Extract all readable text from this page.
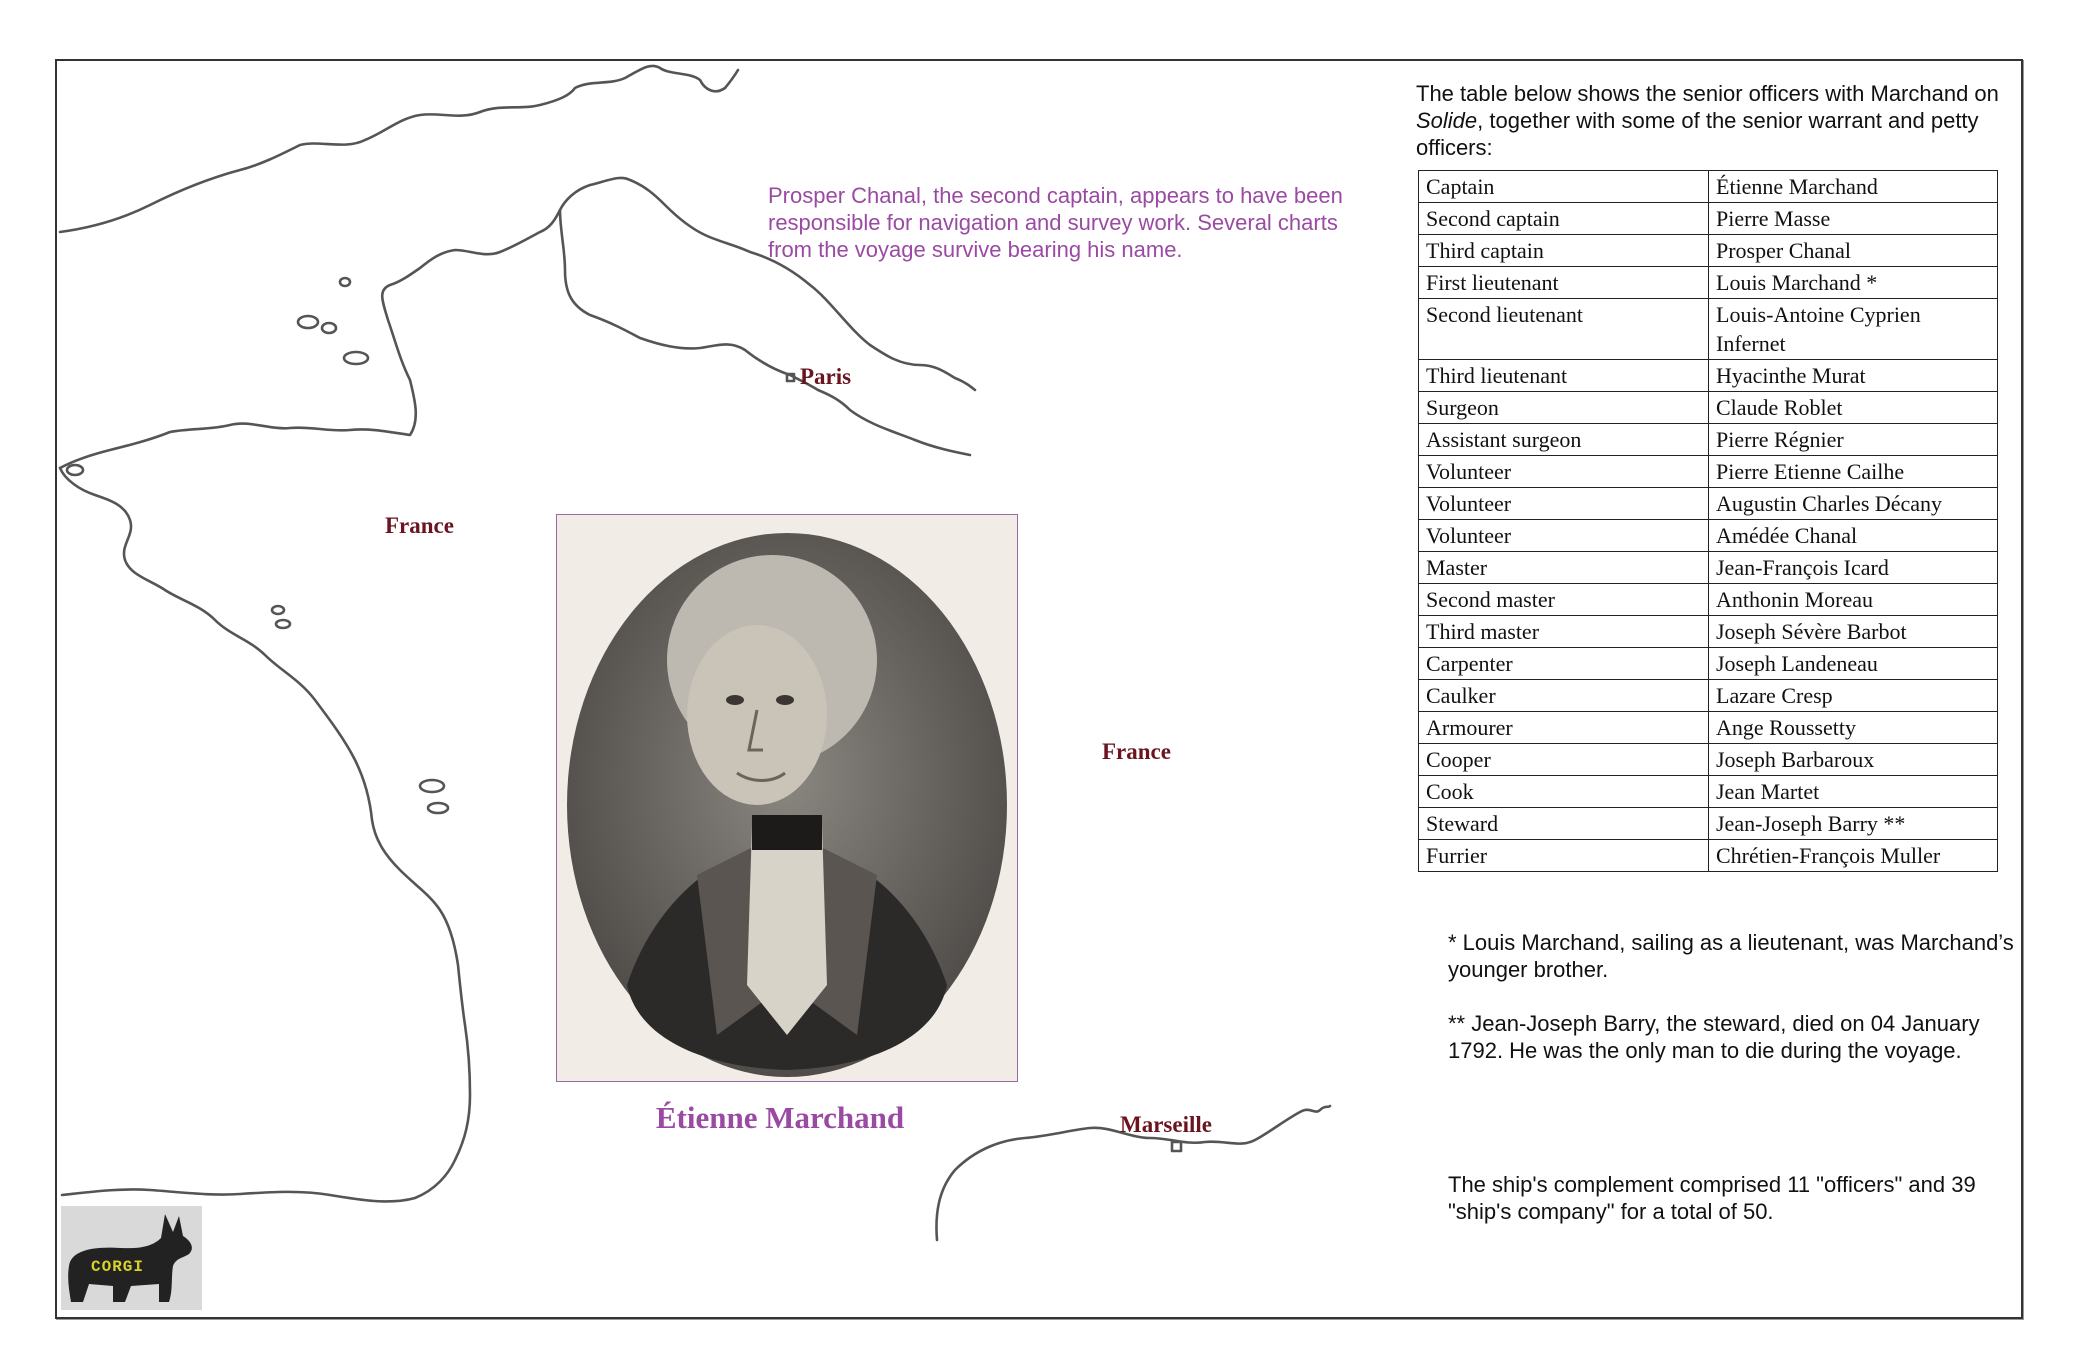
Paris
France
France
Marseille
Prosper Chanal, the second captain, appears to have been responsible for navigation and survey work. Several charts from the voyage survive bearing his name.
Étienne Marchand
The table below shows the senior officers with Marchand on Solide, together with some of the senior warrant and petty officers:
Captain	Étienne Marchand
Second captain	Pierre Masse
Third captain	Prosper Chanal
First lieutenant	Louis Marchand *
Second lieutenant	Louis-Antoine Cyprien Infernet
Third lieutenant	Hyacinthe Murat
Surgeon	Claude Roblet
Assistant surgeon	Pierre Régnier
Volunteer	Pierre Etienne Cailhe
Volunteer	Augustin Charles Décany
Volunteer	Amédée Chanal
Master	Jean-François Icard
Second master	Anthonin Moreau
Third master	Joseph Sévère Barbot
Carpenter	Joseph Landeneau
Caulker	Lazare Cresp
Armourer	Ange Roussetty
Cooper	Joseph Barbaroux
Cook	Jean Martet
Steward	Jean-Joseph Barry **
Furrier	Chrétien-François Muller
* Louis Marchand, sailing as a lieutenant, was Marchand’s younger brother.
** Jean-Joseph Barry, the steward, died on 04 January 1792. He was the only man to die during the voyage.
The ship's complement comprised 11 "officers" and 39 "ship's company" for a total of 50.
CORGI
